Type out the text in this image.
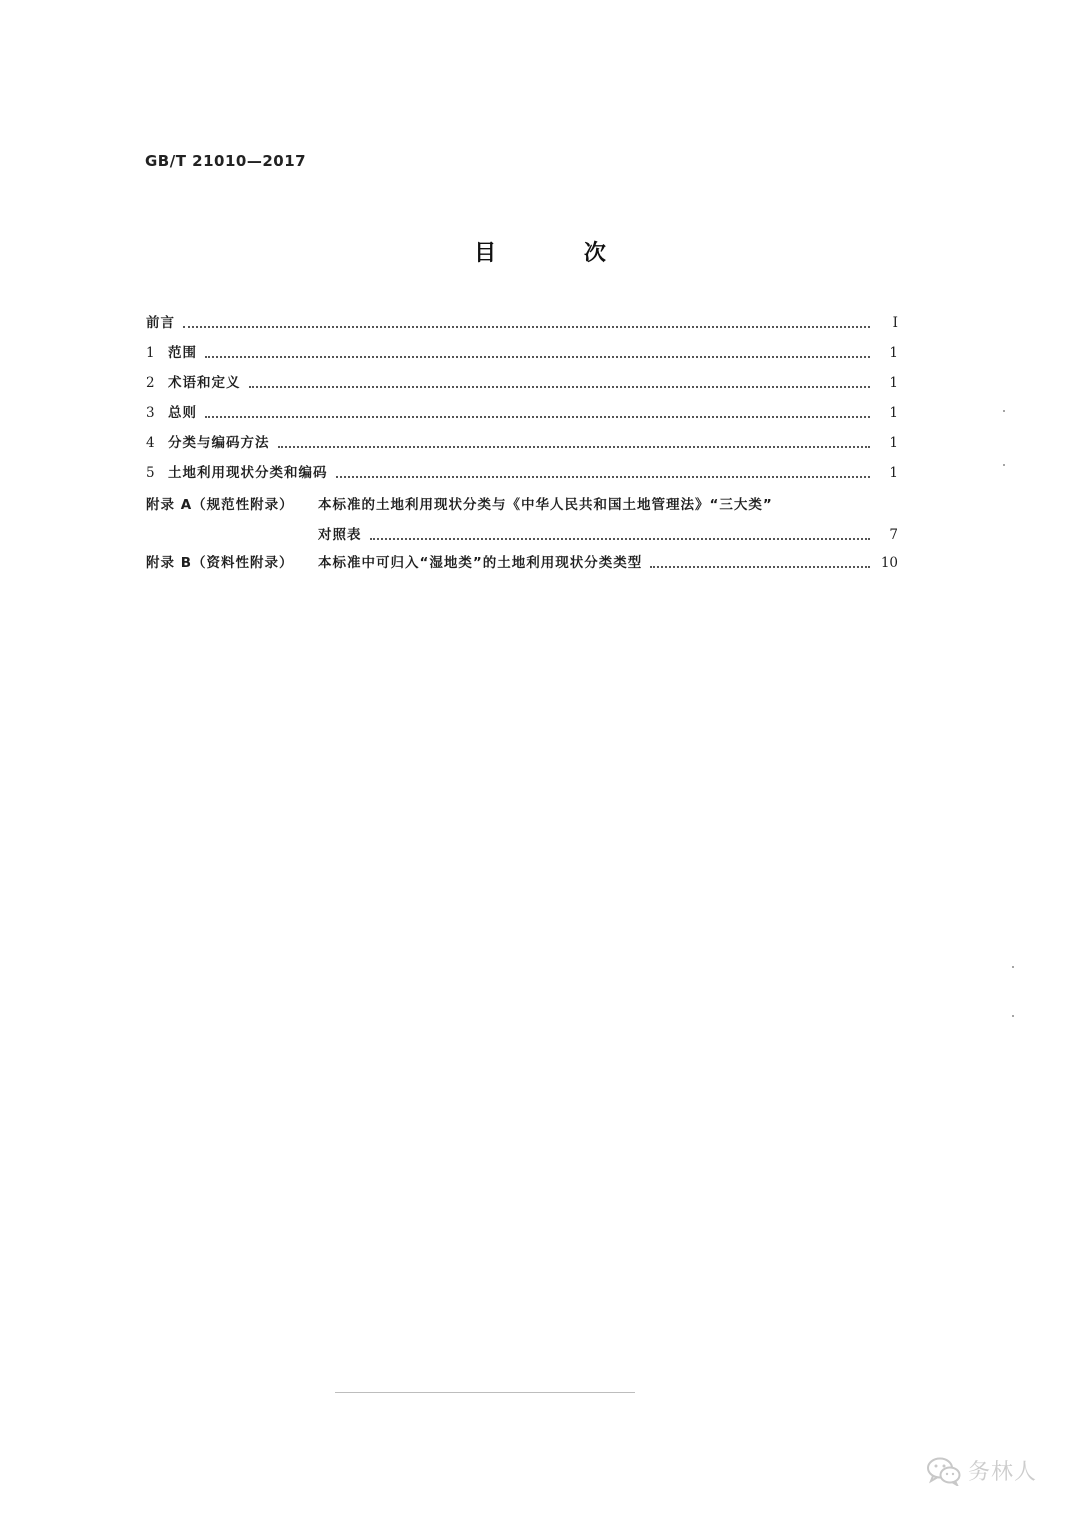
GB/T 21010—2017
目 次
前言	I
1 范围	1
2 术语和定义	1
3 总则	1
4 分类与编码方法	1
5 土地利用现状分类和编码	1
附录 A（规范性附录）	本标准的土地利用现状分类与《中华人民共和国土地管理法》“三大类”
对照表	7
附录 B（资料性附录）	本标准中可归入“湿地类”的土地利用现状分类类型	10
务林人
